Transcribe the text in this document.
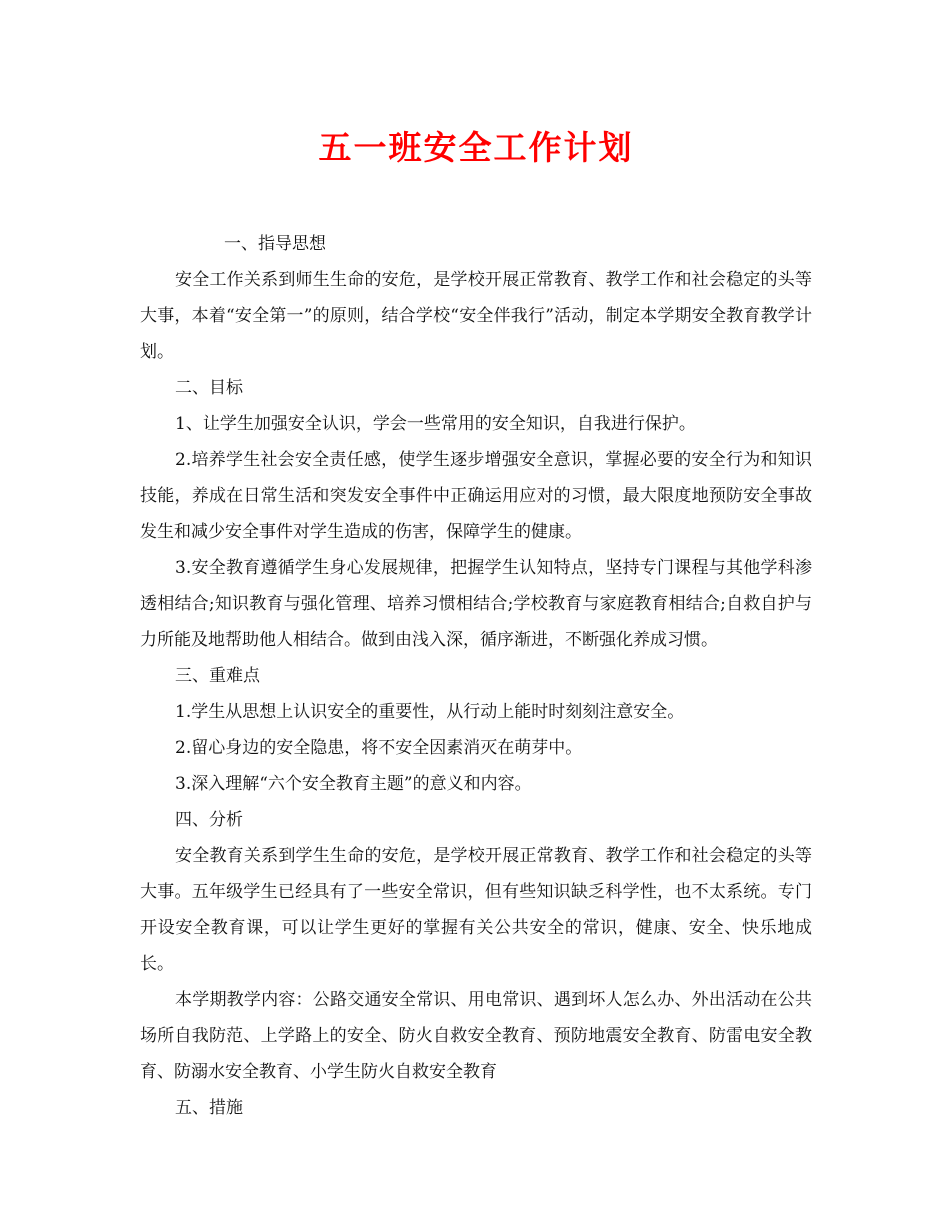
五一班安全工作计划

一、指导思想

安全工作关系到师生生命的安危，是学校开展正常教育、教学工作和社会稳定的头等大事，本着“安全第一”的原则，结合学校“安全伴我行”活动，制定本学期安全教育教学计划。

二、目标

1、让学生加强安全认识，学会一些常用的安全知识，自我进行保护。

2.培养学生社会安全责任感，使学生逐步增强安全意识，掌握必要的安全行为和知识技能，养成在日常生活和突发安全事件中正确运用应对的习惯，最大限度地预防安全事故发生和减少安全事件对学生造成的伤害，保障学生的健康。

3.安全教育遵循学生身心发展规律，把握学生认知特点，坚持专门课程与其他学科渗透相结合;知识教育与强化管理、培养习惯相结合;学校教育与家庭教育相结合;自救自护与力所能及地帮助他人相结合。做到由浅入深，循序渐进，不断强化养成习惯。

三、重难点

1.学生从思想上认识安全的重要性，从行动上能时时刻刻注意安全。

2.留心身边的安全隐患，将不安全因素消灭在萌芽中。

3.深入理解“六个安全教育主题”的意义和内容。

四、分析

安全教育关系到学生生命的安危，是学校开展正常教育、教学工作和社会稳定的头等大事。五年级学生已经具有了一些安全常识，但有些知识缺乏科学性，也不太系统。专门开设安全教育课，可以让学生更好的掌握有关公共安全的常识，健康、安全、快乐地成长。

本学期教学内容：公路交通安全常识、用电常识、遇到坏人怎么办、外出活动在公共场所自我防范、上学路上的安全、防火自救安全教育、预防地震安全教育、防雷电安全教育、防溺水安全教育、小学生防火自救安全教育

五、措施
